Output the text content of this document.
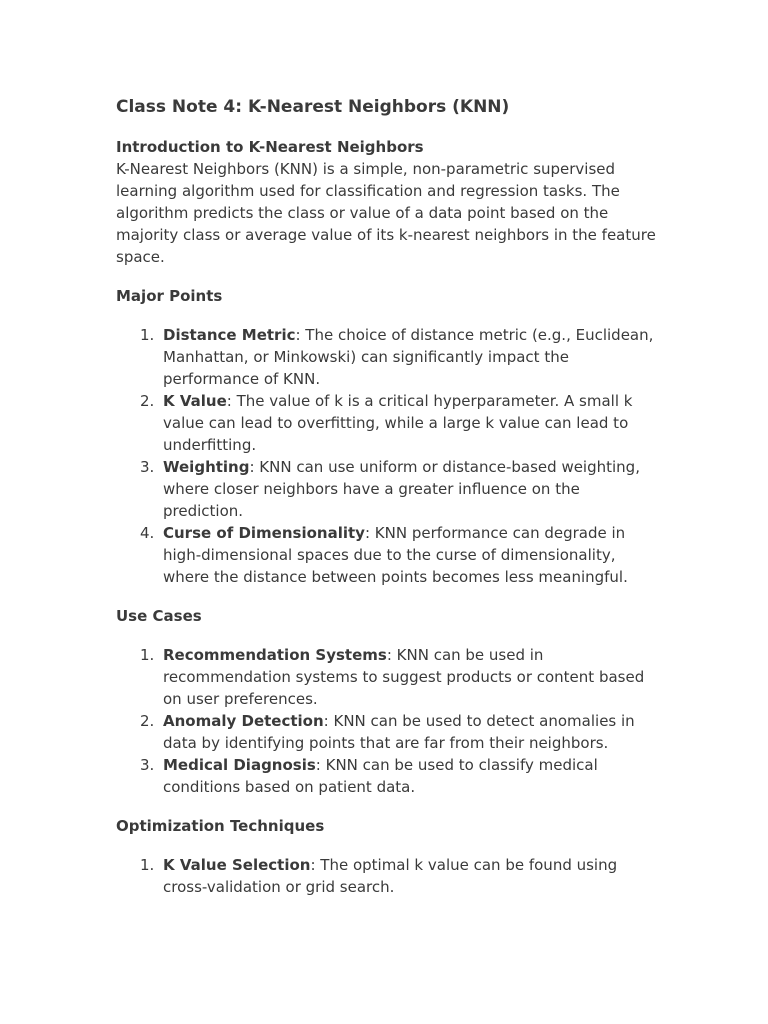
Class Note 4: K-Nearest Neighbors (KNN)
Introduction to K-Nearest Neighbors

K-Nearest Neighbors (KNN) is a simple, non-parametric supervised learning algorithm used for classification and regression tasks. The algorithm predicts the class or value of a data point based on the majority class or average value of its k-nearest neighbors in the feature space.

Major Points
1. Distance Metric: The choice of distance metric (e.g., Euclidean, Manhattan, or Minkowski) can significantly impact the performance of KNN.
2. K Value: The value of k is a critical hyperparameter. A small k value can lead to overfitting, while a large k value can lead to underfitting.
3. Weighting: KNN can use uniform or distance-based weighting, where closer neighbors have a greater influence on the prediction.
4. Curse of Dimensionality: KNN performance can degrade in high-dimensional spaces due to the curse of dimensionality, where the distance between points becomes less meaningful.
Use Cases
1. Recommendation Systems: KNN can be used in recommendation systems to suggest products or content based on user preferences.
2. Anomaly Detection: KNN can be used to detect anomalies in data by identifying points that are far from their neighbors.
3. Medical Diagnosis: KNN can be used to classify medical conditions based on patient data.
Optimization Techniques
1. K Value Selection: The optimal k value can be found using cross-validation or grid search.
